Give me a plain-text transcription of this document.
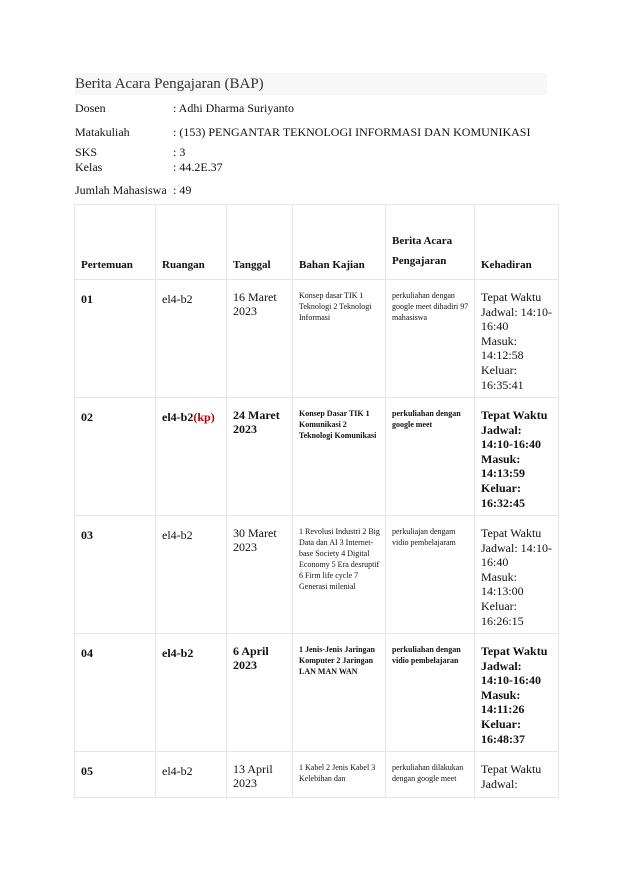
Berita Acara Pengajaran (BAP)
Dosen	: Adhi Dharma Suriyanto
Matakuliah	: (153) PENGANTAR TEKNOLOGI INFORMASI DAN KOMUNIKASI
SKS	: 3
Kelas	: 44.2E.37
Jumlah Mahasiswa : 49
Pertemuan	Ruangan	Tanggal	Bahan Kajian	Berita Acara Pengajaran	Kehadiran
01	el4-b2	16 Maret 2023	Konsep dasar TIK 1 Teknologi 2 Teknologi Informasi	perkuliahan dengan google meet dihadiri 97 mahasiswa	Tepat Waktu
Jadwal: 14:10-16:40
Masuk: 14:12:58
Keluar: 16:35:41

02	el4-b2(kp)	24 Maret 2023	Konsep Dasar TIK 1 Komunikasi 2 Teknologi Komunikasi	perkuliahan dengan google meet	Tepat Waktu
Jadwal: 14:10-16:40
Masuk: 14:13:59
Keluar: 16:32:45

03	el4-b2	30 Maret 2023	1 Revolusi Industri 2 Big Data dan AI 3 Internet-base Society 4 Digital Economy 5 Era desruptif 6 Firm life cycle 7 Generasi milenial	perkuliajan dengam vidio pembelajaram	Tepat Waktu
Jadwal: 14:10-16:40
Masuk: 14:13:00
Keluar: 16:26:15

04	el4-b2	6 April 2023	1 Jenis-Jenis Jaringan Komputer 2 Jaringan LAN MAN WAN	perkuliahan dengan vidio pembelajaran	Tepat Waktu
Jadwal: 14:10-16:40
Masuk: 14:11:26
Keluar: 16:48:37

05	el4-b2	13 April 2023	1 Kabel 2 Jenis Kabel 3 Kelebihan dan	perkuliahan dilakukan dengan google meet	Tepat Waktu
Jadwal:
